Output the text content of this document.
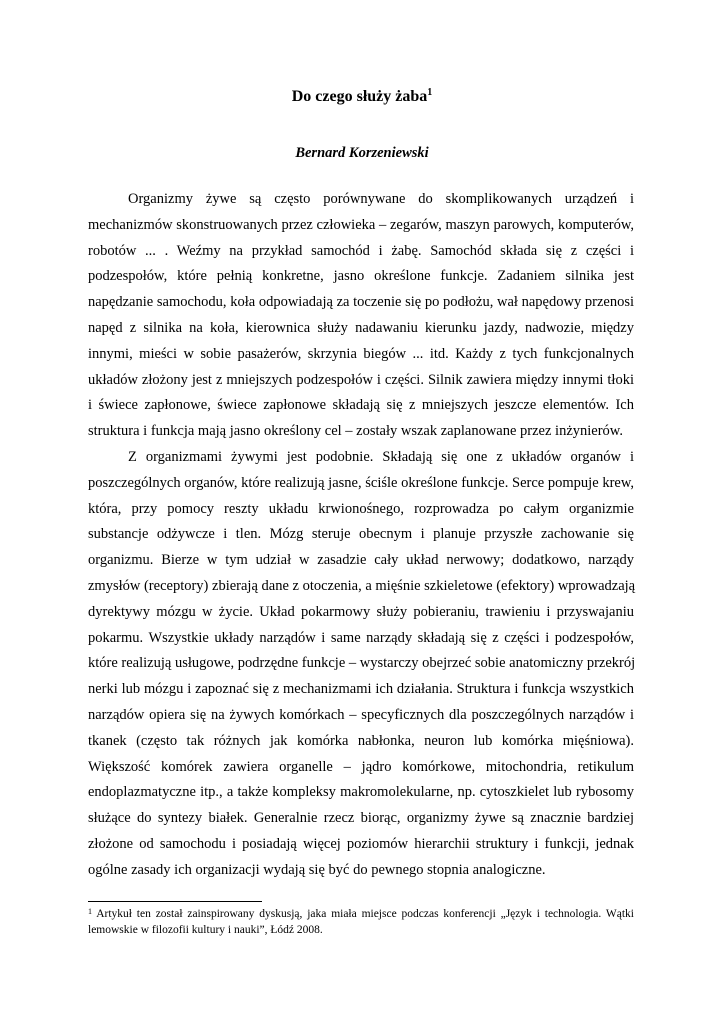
Do czego służy żaba$^1$
Bernard Korzeniewski
Organizmy żywe są często porównywane do skomplikowanych urządzeń i
mechanizmów skonstruowanych przez człowieka – zegarów, maszyn parowych, komputerów,
robotów ... . Weźmy na przykład samochód i żabę. Samochód składa się z części i
podzespołów, które pełnią konkretne, jasno określone funkcje. Zadaniem silnika jest
napędzanie samochodu, koła odpowiadają za toczenie się po podłożu, wał napędowy przenosi
napęd z silnika na koła, kierownica służy nadawaniu kierunku jazdy, nadwozie, między
innymi, mieści w sobie pasażerów, skrzynia biegów ... itd. Każdy z tych funkcjonalnych
układów złożony jest z mniejszych podzespołów i części. Silnik zawiera między innymi tłoki
i świece zapłonowe, świece zapłonowe składają się z mniejszych jeszcze elementów. Ich
struktura i funkcja mają jasno określony cel – zostały wszak zaplanowane przez inżynierów.
Z organizmami żywymi jest podobnie. Składają się one z układów organów i
poszczególnych organów, które realizują jasne, ściśle określone funkcje. Serce pompuje krew,
która, przy pomocy reszty układu krwionośnego, rozprowadza po całym organizmie
substancje odżywcze i tlen. Mózg steruje obecnym i planuje przyszłe zachowanie się
organizmu. Bierze w tym udział w zasadzie cały układ nerwowy; dodatkowo, narządy
zmysłów (receptory) zbierają dane z otoczenia, a mięśnie szkieletowe (efektory) wprowadzają
dyrektywy mózgu w życie. Układ pokarmowy służy pobieraniu, trawieniu i przyswajaniu
pokarmu. Wszystkie układy narządów i same narządy składają się z części i podzespołów,
które realizują usługowe, podrzędne funkcje – wystarczy obejrzeć sobie anatomiczny przekrój
nerki lub mózgu i zapoznać się z mechanizmami ich działania. Struktura i funkcja wszystkich
narządów opiera się na żywych komórkach – specyficznych dla poszczególnych narządów i
tkanek (często tak różnych jak komórka nabłonka, neuron lub komórka mięśniowa).
Większość komórek zawiera organelle – jądro komórkowe, mitochondria, retikulum
endoplazmatyczne itp., a także kompleksy makromolekularne, np. cytoszkielet lub rybosomy
służące do syntezy białek. Generalnie rzecz biorąc, organizmy żywe są znacznie bardziej
złożone od samochodu i posiadają więcej poziomów hierarchii struktury i funkcji, jednak
ogólne zasady ich organizacji wydają się być do pewnego stopnia analogiczne.
$^1$ Artykuł ten został zainspirowany dyskusją, jaka miała miejsce podczas konferencji „Język i technologia. Wątki
lemowskie w filozofii kultury i nauki”, Łódź 2008.
